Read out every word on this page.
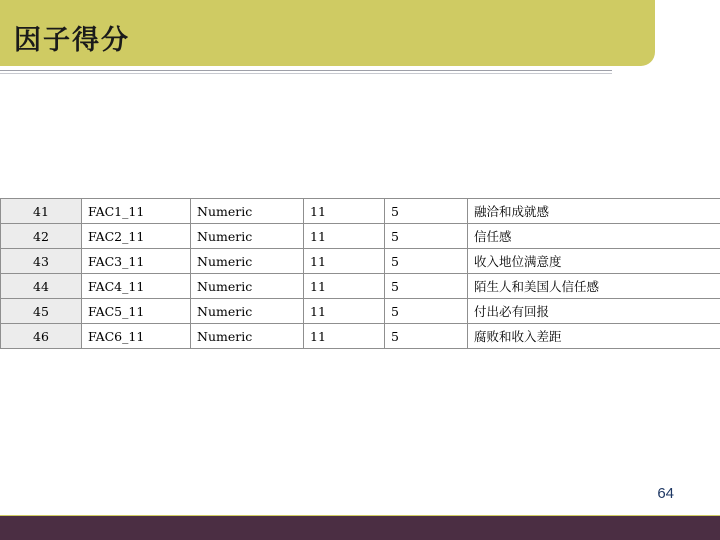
因子得分
41	FAC1_11	Numeric	11	5	融洽和成就感
42	FAC2_11	Numeric	11	5	信任感
43	FAC3_11	Numeric	11	5	收入地位满意度
44	FAC4_11	Numeric	11	5	陌生人和美国人信任感
45	FAC5_11	Numeric	11	5	付出必有回报
46	FAC6_11	Numeric	11	5	腐败和收入差距
64
